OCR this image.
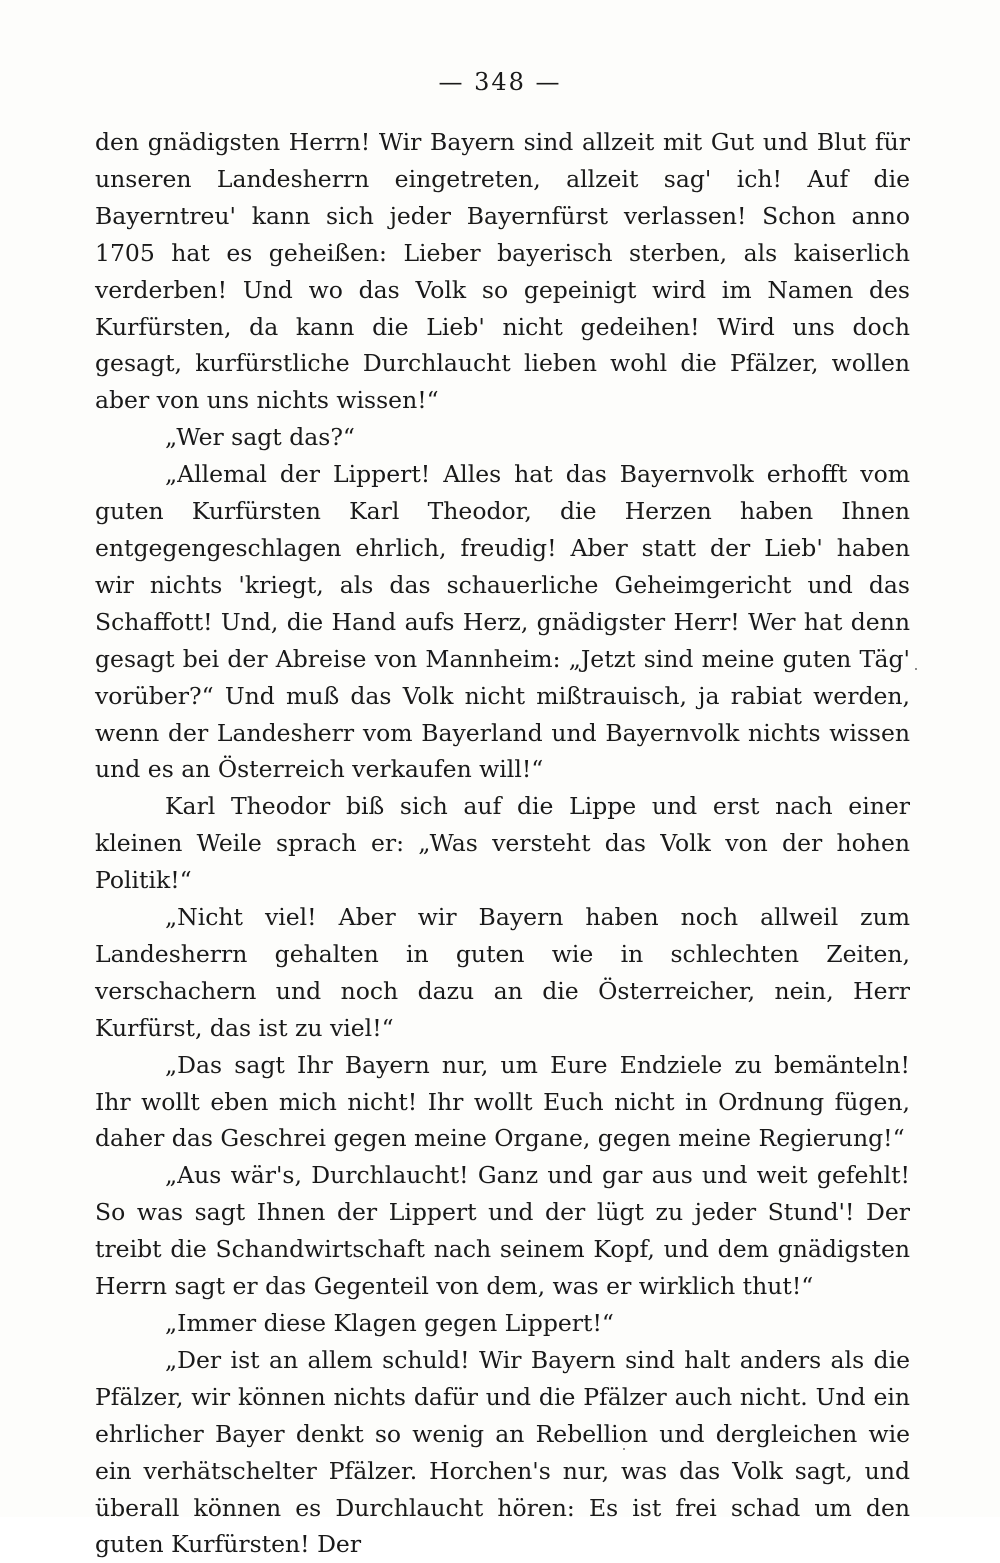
— 348 —

den gnädigsten Herrn! Wir Bayern sind allzeit mit Gut und Blut für unseren Landesherrn eingetreten, allzeit sag' ich! Auf die Bayerntreu' kann sich jeder Bayernfürst verlassen! Schon anno 1705 hat es geheißen: Lieber bayerisch sterben, als kaiserlich verderben! Und wo das Volk so gepeinigt wird im Namen des Kurfürsten, da kann die Lieb' nicht gedeihen! Wird uns doch gesagt, kurfürstliche Durchlaucht lieben wohl die Pfälzer, wollen aber von uns nichts wissen!“

„Wer sagt das?“

„Allemal der Lippert! Alles hat das Bayernvolk erhofft vom guten Kurfürsten Karl Theodor, die Herzen haben Ihnen entgegengeschlagen ehrlich, freudig! Aber statt der Lieb' haben wir nichts 'kriegt, als das schauerliche Geheimgericht und das Schaffott! Und, die Hand aufs Herz, gnädigster Herr! Wer hat denn gesagt bei der Abreise von Mannheim: „Jetzt sind meine guten Täg' vorüber?“ Und muß das Volk nicht mißtrauisch, ja rabiat werden, wenn der Landesherr vom Bayerland und Bayernvolk nichts wissen und es an Österreich verkaufen will!“

Karl Theodor biß sich auf die Lippe und erst nach einer kleinen Weile sprach er: „Was versteht das Volk von der hohen Politik!“

„Nicht viel! Aber wir Bayern haben noch allweil zum Landesherrn gehalten in guten wie in schlechten Zeiten, verschachern und noch dazu an die Österreicher, nein, Herr Kurfürst, das ist zu viel!“

„Das sagt Ihr Bayern nur, um Eure Endziele zu bemänteln! Ihr wollt eben mich nicht! Ihr wollt Euch nicht in Ordnung fügen, daher das Geschrei gegen meine Organe, gegen meine Regierung!“

„Aus wär's, Durchlaucht! Ganz und gar aus und weit gefehlt! So was sagt Ihnen der Lippert und der lügt zu jeder Stund'! Der treibt die Schandwirtschaft nach seinem Kopf, und dem gnädigsten Herrn sagt er das Gegenteil von dem, was er wirklich thut!“

„Immer diese Klagen gegen Lippert!“

„Der ist an allem schuld! Wir Bayern sind halt anders als die Pfälzer, wir können nichts dafür und die Pfälzer auch nicht. Und ein ehrlicher Bayer denkt so wenig an Rebellion und dergleichen wie ein verhätschelter Pfälzer. Horchen's nur, was das Volk sagt, und überall können es Durchlaucht hören: Es ist frei schad um den guten Kurfürsten! Der
